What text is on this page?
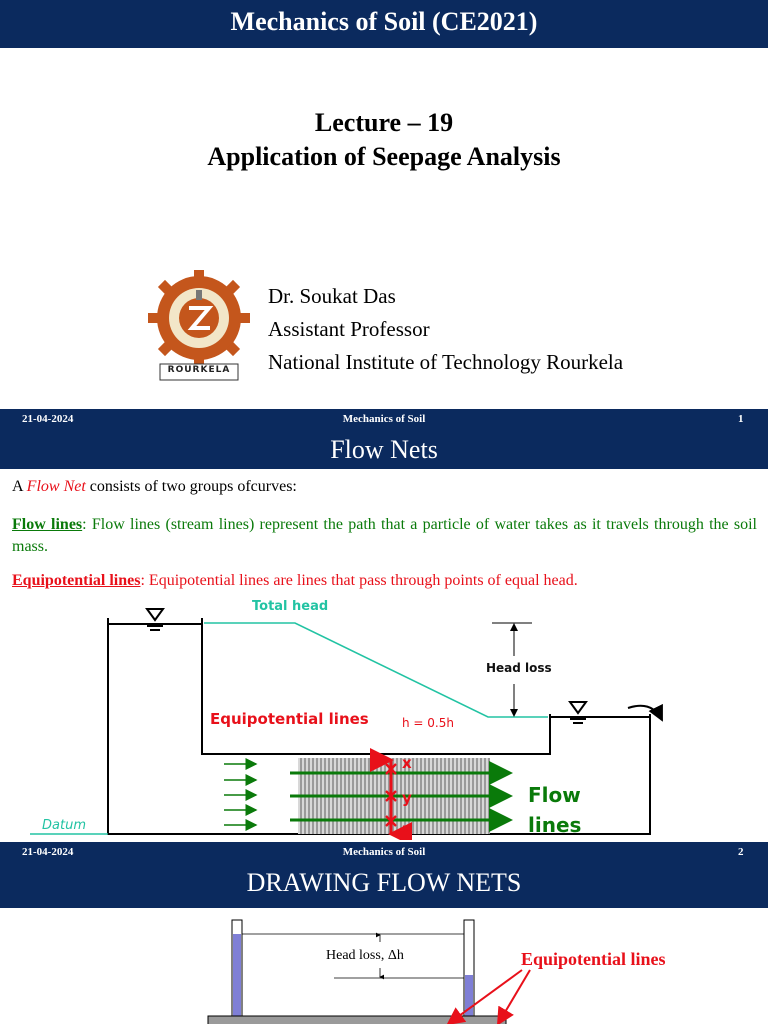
Mechanics of Soil (CE2021)
Lecture – 19
Application of Seepage Analysis
ROURKELA
Dr. Soukat Das
Assistant Professor
National Institute of Technology Rourkela
21-04-2024	Mechanics of Soil	1
Flow Nets
A Flow Net consists of two groups ofcurves:
Flow lines: Flow lines (stream lines) represent the path that a particle of water takes as it travels through the soil mass.
Equipotential lines: Equipotential lines are lines that pass through points of equal head.
Total head
Head loss
Equipotential lines	h = 0.5h
x
y
z
Flow
lines
Datum
21-04-2024	Mechanics of Soil	2
DRAWING FLOW NETS
Head loss, Δh	Equipotential lines
